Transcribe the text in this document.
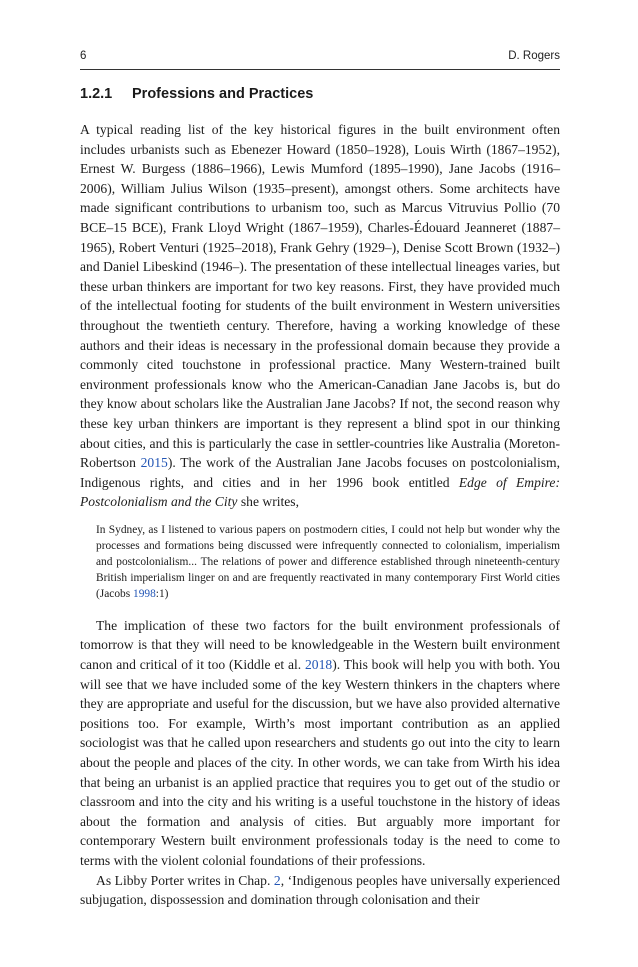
6	D. Rogers
1.2.1 Professions and Practices

A typical reading list of the key historical figures in the built environment often includes urbanists such as Ebenezer Howard (1850–1928), Louis Wirth (1867–1952), Ernest W. Burgess (1886–1966), Lewis Mumford (1895–1990), Jane Jacobs (1916–2006), William Julius Wilson (1935–present), amongst others. Some architects have made significant contributions to urbanism too, such as Marcus Vitruvius Pollio (70 BCE–15 BCE), Frank Lloyd Wright (1867–1959), Charles-Édouard Jeanneret (1887–1965), Robert Venturi (1925–2018), Frank Gehry (1929–), Denise Scott Brown (1932–) and Daniel Libeskind (1946–). The presentation of these intellectual lineages varies, but these urban thinkers are important for two key reasons. First, they have provided much of the intellectual footing for students of the built environment in Western universities throughout the twentieth century. Therefore, having a working knowledge of these authors and their ideas is necessary in the professional domain because they provide a commonly cited touchstone in professional practice. Many Western-trained built environment professionals know who the American-Canadian Jane Jacobs is, but do they know about scholars like the Australian Jane Jacobs? If not, the second reason why these key urban thinkers are important is they represent a blind spot in our thinking about cities, and this is particularly the case in settler-countries like Australia (Moreton-Robertson 2015). The work of the Australian Jane Jacobs focuses on postcolonialism, Indigenous rights, and cities and in her 1996 book entitled Edge of Empire: Postcolonialism and the City she writes,

In Sydney, as I listened to various papers on postmodern cities, I could not help but wonder why the processes and formations being discussed were infrequently connected to colonialism, imperialism and postcolonialism... The relations of power and difference established through nineteenth-century British imperialism linger on and are frequently reactivated in many contemporary First World cities (Jacobs 1998:1)

The implication of these two factors for the built environment professionals of tomorrow is that they will need to be knowledgeable in the Western built environment canon and critical of it too (Kiddle et al. 2018). This book will help you with both. You will see that we have included some of the key Western thinkers in the chapters where they are appropriate and useful for the discussion, but we have also provided alternative positions too. For example, Wirth’s most important contribution as an applied sociologist was that he called upon researchers and students go out into the city to learn about the people and places of the city. In other words, we can take from Wirth his idea that being an urbanist is an applied practice that requires you to get out of the studio or classroom and into the city and his writing is a useful touchstone in the history of ideas about the formation and analysis of cities. But arguably more important for contemporary Western built environment professionals today is the need to come to terms with the violent colonial foundations of their professions.

As Libby Porter writes in Chap. 2, ‘Indigenous peoples have universally experienced subjugation, dispossession and domination through colonisation and their
